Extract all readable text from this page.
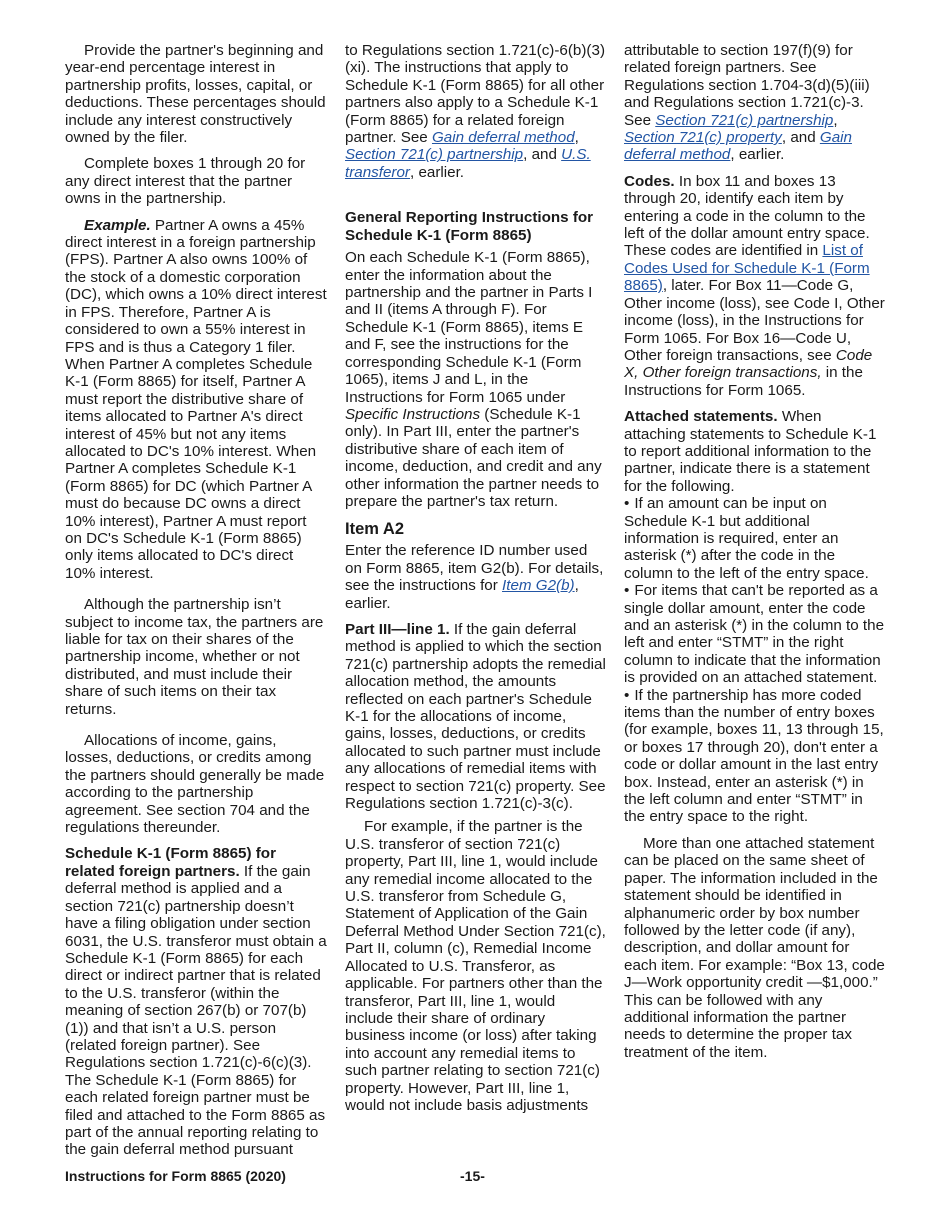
Provide the partner's beginning and year-end percentage interest in partnership profits, losses, capital, or deductions. These percentages should include any interest constructively owned by the filer.

Complete boxes 1 through 20 for any direct interest that the partner owns in the partnership.

Example. Partner A owns a 45% direct interest in a foreign partnership (FPS). Partner A also owns 100% of the stock of a domestic corporation (DC), which owns a 10% direct interest in FPS. Therefore, Partner A is considered to own a 55% interest in FPS and is thus a Category 1 filer. When Partner A completes Schedule K-1 (Form 8865) for itself, Partner A must report the distributive share of items allocated to Partner A's direct interest of 45% but not any items allocated to DC's 10% interest. When Partner A completes Schedule K-1 (Form 8865) for DC (which Partner A must do because DC owns a direct 10% interest), Partner A must report on DC's Schedule K-1 (Form 8865) only items allocated to DC's direct 10% interest.

Although the partnership isn’t subject to income tax, the partners are liable for tax on their shares of the partnership income, whether or not distributed, and must include their share of such items on their tax returns.

Allocations of income, gains, losses, deductions, or credits among the partners should generally be made according to the partnership agreement. See section 704 and the regulations thereunder.

Schedule K-1 (Form 8865) for related foreign partners. If the gain deferral method is applied and a section 721(c) partnership doesn’t have a filing obligation under section 6031, the U.S. transferor must obtain a Schedule K-1 (Form 8865) for each direct or indirect partner that is related to the U.S. transferor (within the meaning of section 267(b) or 707(b)(1)) and that isn’t a U.S. person (related foreign partner). See Regulations section 1.721(c)-6(c)(3). The Schedule K-1 (Form 8865) for each related foreign partner must be filed and attached to the Form 8865 as part of the annual reporting relating to the gain deferral method pursuant

to Regulations section 1.721(c)-6(b)(3)(xi). The instructions that apply to Schedule K-1 (Form 8865) for all other partners also apply to a Schedule K-1 (Form 8865) for a related foreign partner. See Gain deferral method, Section 721(c) partnership, and U.S. transferor, earlier.

General Reporting Instructions for Schedule K-1 (Form 8865)

On each Schedule K-1 (Form 8865), enter the information about the partnership and the partner in Parts I and II (items A through F). For Schedule K-1 (Form 8865), items E and F, see the instructions for the corresponding Schedule K-1 (Form 1065), items J and L, in the Instructions for Form 1065 under Specific Instructions (Schedule K-1 only). In Part III, enter the partner's distributive share of each item of income, deduction, and credit and any other information the partner needs to prepare the partner's tax return.

Item A2

Enter the reference ID number used on Form 8865, item G2(b). For details, see the instructions for Item G2(b), earlier.

Part III—line 1. If the gain deferral method is applied to which the section 721(c) partnership adopts the remedial allocation method, the amounts reflected on each partner's Schedule K-1 for the allocations of income, gains, losses, deductions, or credits allocated to such partner must include any allocations of remedial items with respect to section 721(c) property. See Regulations section 1.721(c)-3(c).

For example, if the partner is the U.S. transferor of section 721(c) property, Part III, line 1, would include any remedial income allocated to the U.S. transferor from Schedule G, Statement of Application of the Gain Deferral Method Under Section 721(c), Part II, column (c), Remedial Income Allocated to U.S. Transferor, as applicable. For partners other than the transferor, Part III, line 1, would include their share of ordinary business income (or loss) after taking into account any remedial items to such partner relating to section 721(c) property. However, Part III, line 1, would not include basis adjustments

attributable to section 197(f)(9) for related foreign partners. See Regulations section 1.704-3(d)(5)(iii) and Regulations section 1.721(c)-3. See Section 721(c) partnership, Section 721(c) property, and Gain deferral method, earlier.

Codes. In box 11 and boxes 13 through 20, identify each item by entering a code in the column to the left of the dollar amount entry space. These codes are identified in List of Codes Used for Schedule K-1 (Form 8865), later. For Box 11—Code G, Other income (loss), see Code I, Other income (loss), in the Instructions for Form 1065. For Box 16—Code U, Other foreign transactions, see Code X, Other foreign transactions, in the Instructions for Form 1065.

Attached statements. When attaching statements to Schedule K-1 to report additional information to the partner, indicate there is a statement for the following.

• If an amount can be input on Schedule K-1 but additional information is required, enter an asterisk (*) after the code in the column to the left of the entry space.

• For items that can't be reported as a single dollar amount, enter the code and an asterisk (*) in the column to the left and enter “STMT” in the right column to indicate that the information is provided on an attached statement.

• If the partnership has more coded items than the number of entry boxes (for example, boxes 11, 13 through 15, or boxes 17 through 20), don't enter a code or dollar amount in the last entry box. Instead, enter an asterisk (*) in the left column and enter “STMT” in the entry space to the right.

More than one attached statement can be placed on the same sheet of paper. The information included in the statement should be identified in alphanumeric order by box number followed by the letter code (if any), description, and dollar amount for each item. For example: “Box 13, code J—Work opportunity credit —$1,000.” This can be followed with any additional information the partner needs to determine the proper tax treatment of the item.

Instructions for Form 8865 (2020)	-15-
